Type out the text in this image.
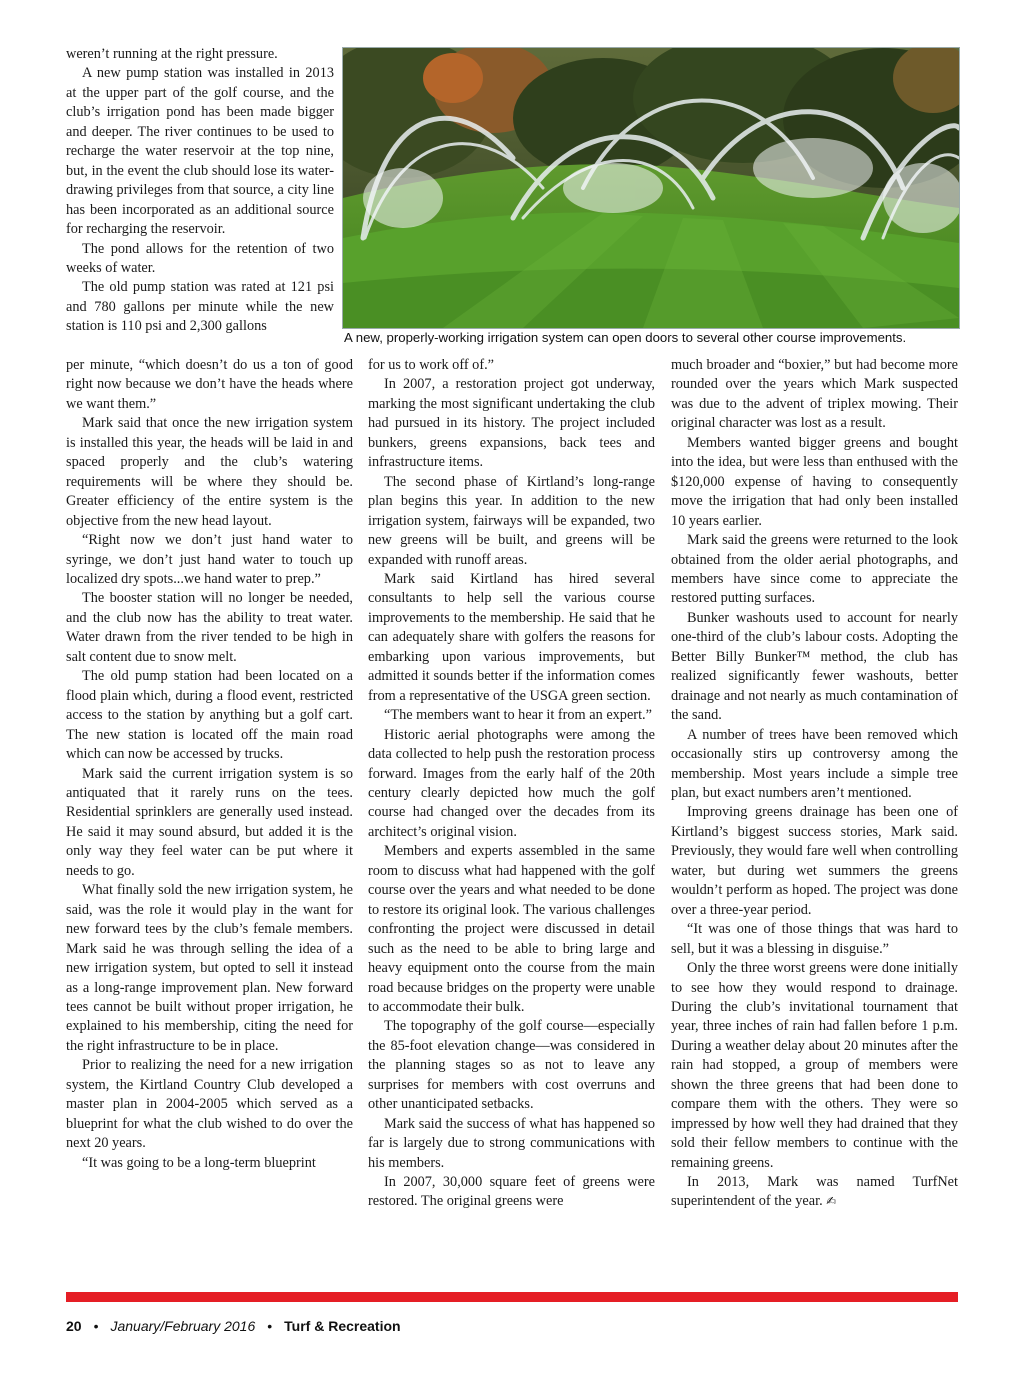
weren’t running at the right pressure.

A new pump station was installed in 2013 at the upper part of the golf course, and the club’s irrigation pond has been made bigger and deeper. The river continues to be used to recharge the water reservoir at the top nine, but, in the event the club should lose its water-drawing privileges from that source, a city line has been incorporated as an additional source for recharging the reservoir.

The pond allows for the retention of two weeks of water.

The old pump station was rated at 121 psi and 780 gallons per minute while the new station is 110 psi and 2,300 gallons

A new, properly-working irrigation system can open doors to several other course improvements.

per minute, “which doesn’t do us a ton of good right now because we don’t have the heads where we want them.”

Mark said that once the new irrigation system is installed this year, the heads will be laid in and spaced properly and the club’s watering requirements will be where they should be. Greater efficiency of the entire system is the objective from the new head layout.

“Right now we don’t just hand water to syringe, we don’t just hand water to touch up localized dry spots...we hand water to prep.”

The booster station will no longer be needed, and the club now has the ability to treat water. Water drawn from the river tended to be high in salt content due to snow melt.

The old pump station had been located on a flood plain which, during a flood event, restricted access to the station by anything but a golf cart. The new station is located off the main road which can now be accessed by trucks.

Mark said the current irrigation system is so antiquated that it rarely runs on the tees. Residential sprinklers are generally used instead. He said it may sound absurd, but added it is the only way they feel water can be put where it needs to go.

What finally sold the new irrigation system, he said, was the role it would play in the want for new forward tees by the club’s female members. Mark said he was through selling the idea of a new irrigation system, but opted to sell it instead as a long-range improvement plan. New forward tees cannot be built without proper irrigation, he explained to his membership, citing the need for the right infrastructure to be in place.

Prior to realizing the need for a new irrigation system, the Kirtland Country Club developed a master plan in 2004-2005 which served as a blueprint for what the club wished to do over the next 20 years.

“It was going to be a long-term blueprint

for us to work off of.”

In 2007, a restoration project got underway, marking the most significant undertaking the club had pursued in its history. The project included bunkers, greens expansions, back tees and infrastructure items.

The second phase of Kirtland’s long-range plan begins this year. In addition to the new irrigation system, fairways will be expanded, two new greens will be built, and greens will be expanded with runoff areas.

Mark said Kirtland has hired several consultants to help sell the various course improvements to the membership. He said that he can adequately share with golfers the reasons for embarking upon various improvements, but admitted it sounds better if the information comes from a representative of the USGA green section.

“The members want to hear it from an expert.”

Historic aerial photographs were among the data collected to help push the restoration process forward. Images from the early half of the 20th century clearly depicted how much the golf course had changed over the decades from its architect’s original vision.

Members and experts assembled in the same room to discuss what had happened with the golf course over the years and what needed to be done to restore its original look. The various challenges confronting the project were discussed in detail such as the need to be able to bring large and heavy equipment onto the course from the main road because bridges on the property were unable to accommodate their bulk.

The topography of the golf course—especially the 85-foot elevation change—was considered in the planning stages so as not to leave any surprises for members with cost overruns and other unanticipated setbacks.

Mark said the success of what has happened so far is largely due to strong communications with his members.

In 2007, 30,000 square feet of greens were restored. The original greens were

much broader and “boxier,” but had become more rounded over the years which Mark suspected was due to the advent of triplex mowing. Their original character was lost as a result.

Members wanted bigger greens and bought into the idea, but were less than enthused with the $120,000 expense of having to consequently move the irrigation that had only been installed 10 years earlier.

Mark said the greens were returned to the look obtained from the older aerial photographs, and members have since come to appreciate the restored putting surfaces.

Bunker washouts used to account for nearly one-third of the club’s labour costs. Adopting the Better Billy Bunker™ method, the club has realized significantly fewer washouts, better drainage and not nearly as much contamination of the sand.

A number of trees have been removed which occasionally stirs up controversy among the membership. Most years include a simple tree plan, but exact numbers aren’t mentioned.

Improving greens drainage has been one of Kirtland’s biggest success stories, Mark said. Previously, they would fare well when controlling water, but during wet summers the greens wouldn’t perform as hoped. The project was done over a three-year period.

“It was one of those things that was hard to sell, but it was a blessing in disguise.”

Only the three worst greens were done initially to see how they would respond to drainage. During the club’s invitational tournament that year, three inches of rain had fallen before 1 p.m. During a weather delay about 20 minutes after the rain had stopped, a group of members were shown the three greens that had been done to compare them with the others. They were so impressed by how well they had drained that they sold their fellow members to continue with the remaining greens.

In 2013, Mark was named TurfNet superintendent of the year. ✍

20 • January/February 2016 • Turf & Recreation
